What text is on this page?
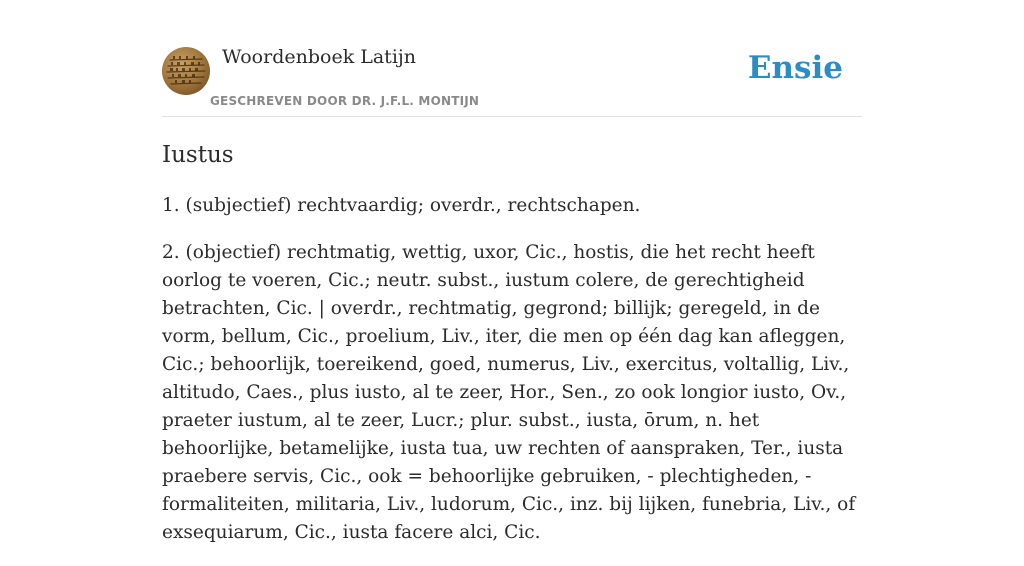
Woordenboek Latijn
GESCHREVEN DOOR DR. J.F.L. MONTIJN
Ensie
Iustus

1. (subjectief) rechtvaardig; overdr., rechtschapen.

2. (objectief) rechtmatig, wettig, uxor, Cic., hostis, die het recht heeft oorlog te voeren, Cic.; neutr. subst., iustum colere, de gerechtigheid betrachten, Cic. | overdr., rechtmatig, gegrond; billijk; geregeld, in de vorm, bellum, Cic., proelium, Liv., iter, die men op één dag kan afleggen, Cic.; behoorlijk, toereikend, goed, numerus, Liv., exercitus, voltallig, Liv., altitudo, Caes., plus iusto, al te zeer, Hor., Sen., zo ook longior iusto, Ov., praeter iustum, al te zeer, Lucr.; plur. subst., iusta, ōrum, n. het behoorlijke, betamelijke, iusta tua, uw rechten of aanspraken, Ter., iusta praebere servis, Cic., ook = behoorlijke gebruiken, - plechtigheden, - formaliteiten, militaria, Liv., ludorum, Cic., inz. bij lijken, funebria, Liv., of exsequiarum, Cic., iusta facere alci, Cic.
